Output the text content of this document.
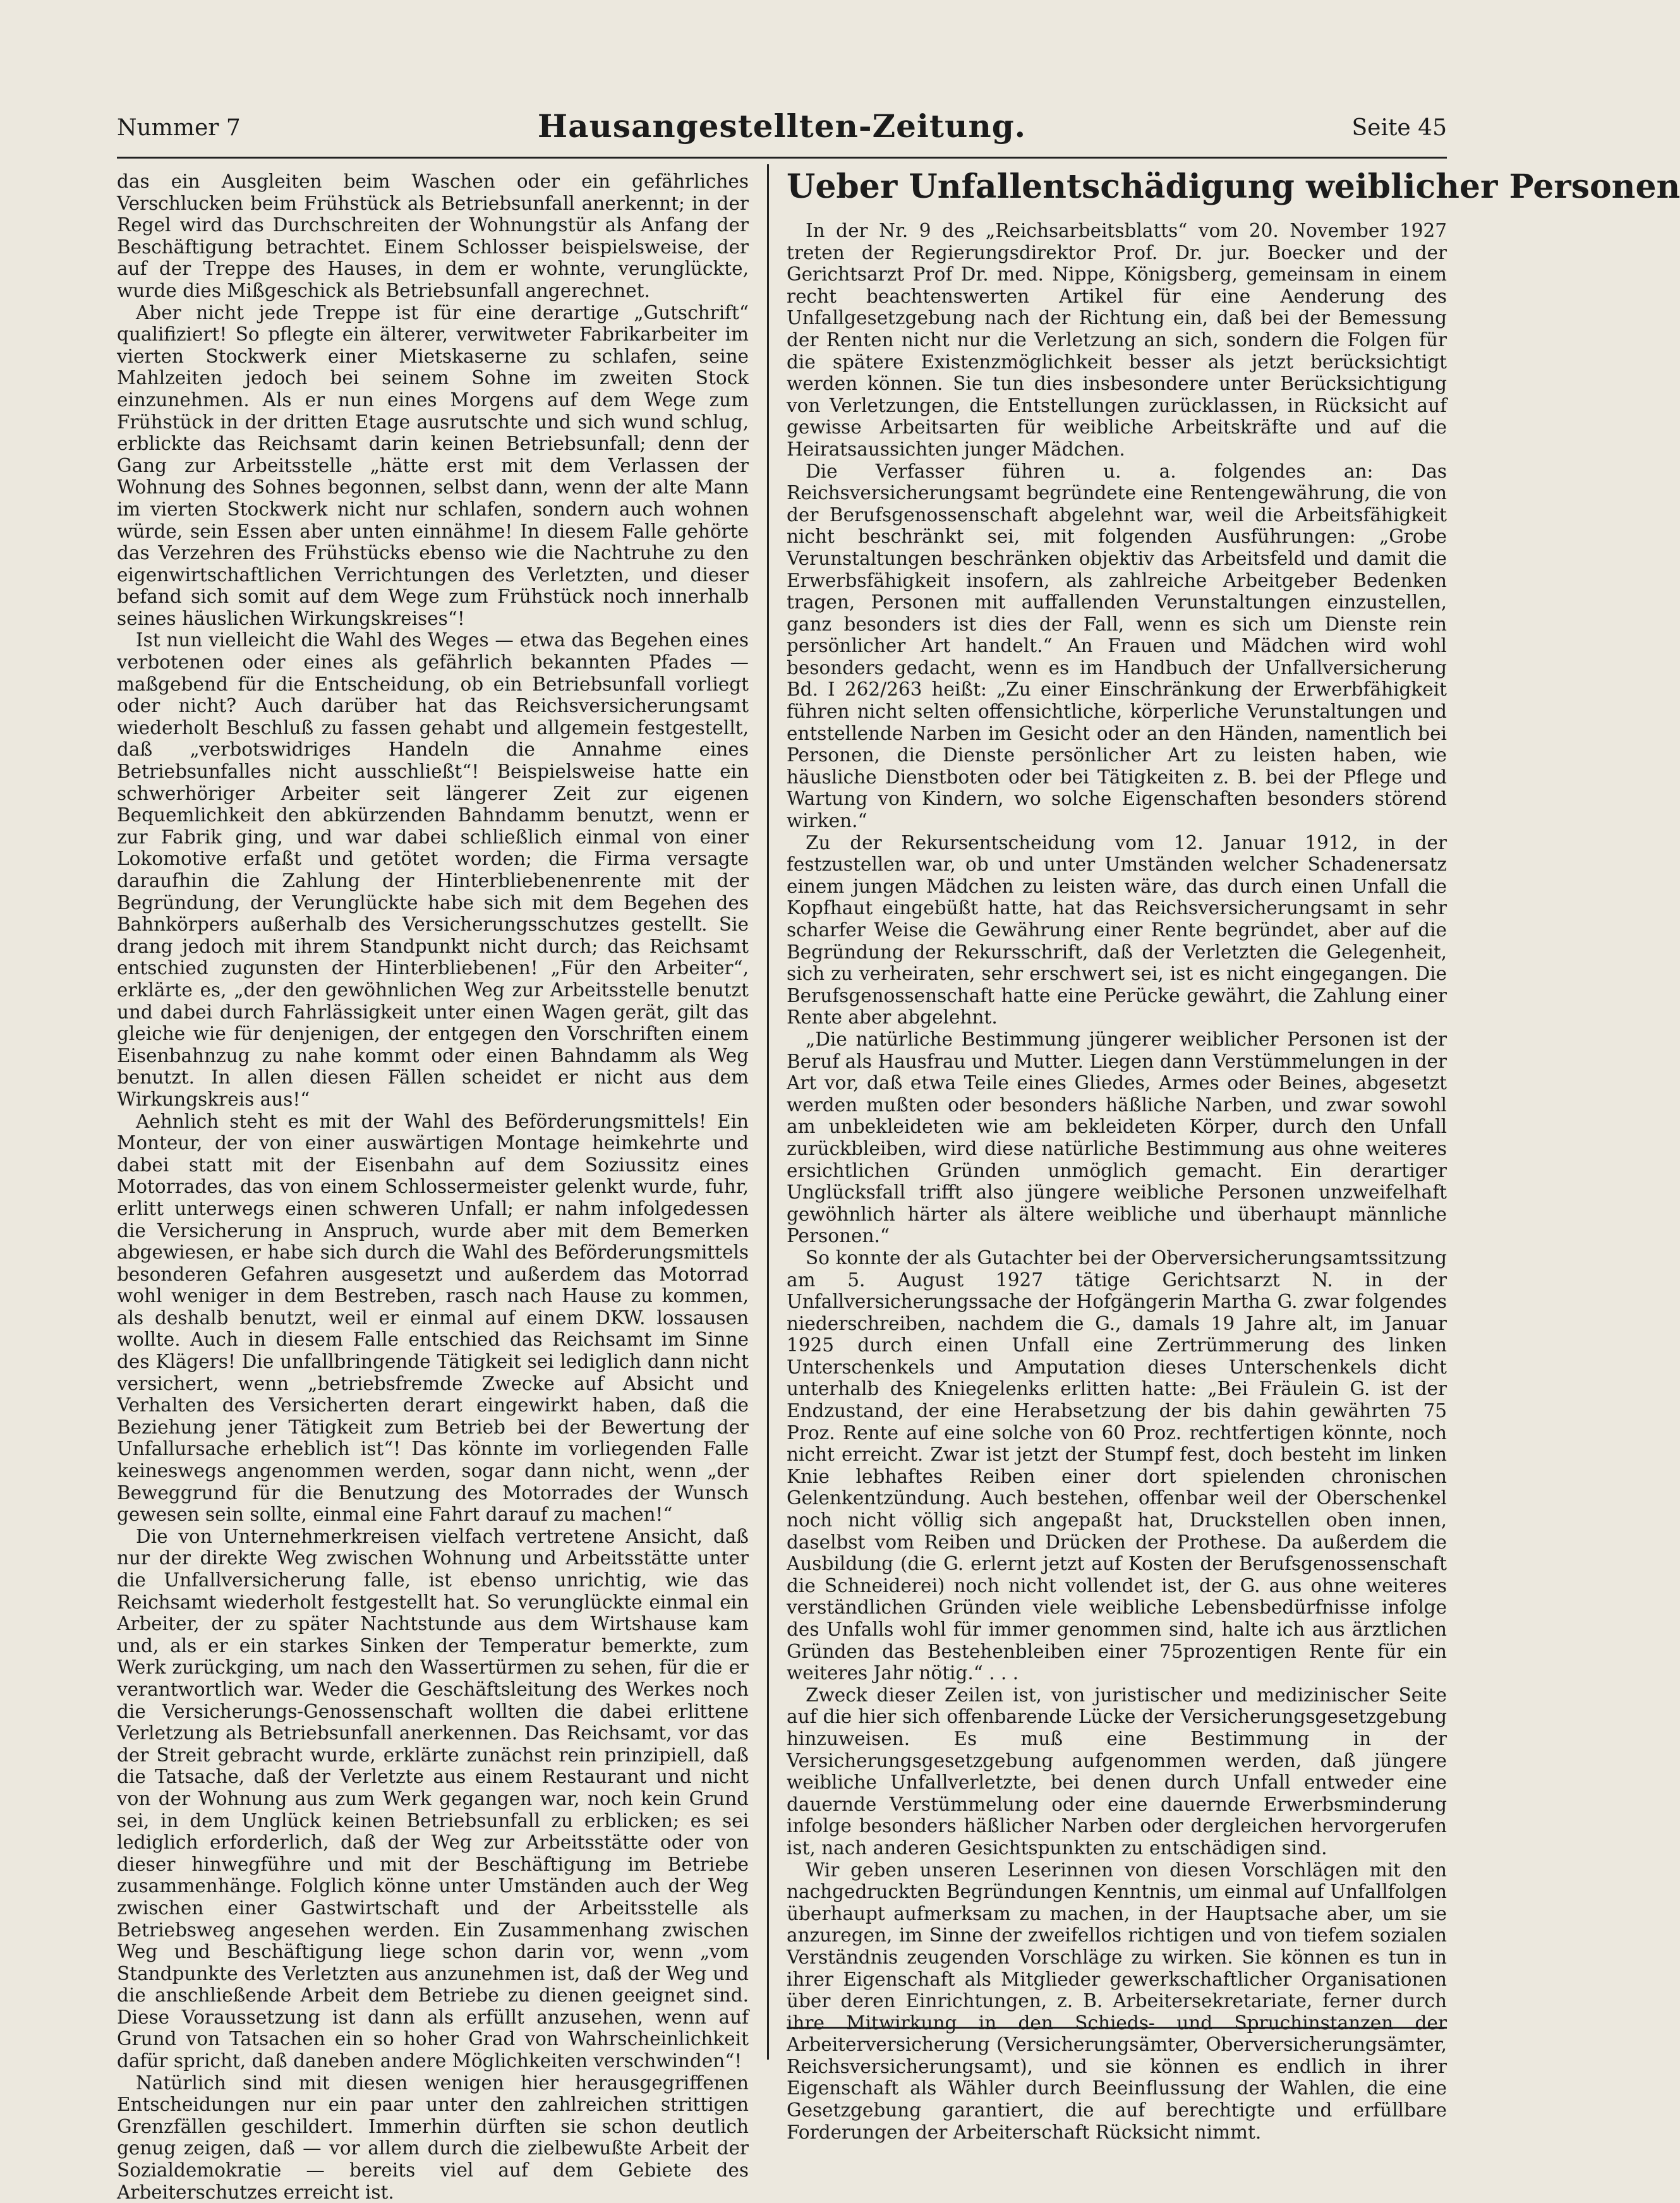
Nummer 7	Hausangestellten-Zeitung.	Seite 45

das ein Ausgleiten beim Waschen oder ein gefährliches Verschlucken beim Frühstück als Betriebsunfall anerkennt; in der Regel wird das Durchschreiten der Wohnungstür als Anfang der Beschäftigung betrachtet. Einem Schlosser beispielsweise, der auf der Treppe des Hauses, in dem er wohnte, verunglückte, wurde dies Mißgeschick als Betriebsunfall angerechnet.

Aber nicht jede Treppe ist für eine derartige „Gutschrift“ qualifiziert! So pflegte ein älterer, verwitweter Fabrikarbeiter im vierten Stockwerk einer Mietskaserne zu schlafen, seine Mahlzeiten jedoch bei seinem Sohne im zweiten Stock einzunehmen. Als er nun eines Morgens auf dem Wege zum Frühstück in der dritten Etage ausrutschte und sich wund schlug, erblickte das Reichsamt darin keinen Betriebsunfall; denn der Gang zur Arbeitsstelle „hätte erst mit dem Verlassen der Wohnung des Sohnes begonnen, selbst dann, wenn der alte Mann im vierten Stockwerk nicht nur schlafen, sondern auch wohnen würde, sein Essen aber unten einnähme! In diesem Falle gehörte das Verzehren des Frühstücks ebenso wie die Nachtruhe zu den eigenwirtschaftlichen Verrichtungen des Verletzten, und dieser befand sich somit auf dem Wege zum Frühstück noch innerhalb seines häuslichen Wirkungskreises“!

Ist nun vielleicht die Wahl des Weges — etwa das Begehen eines verbotenen oder eines als gefährlich bekannten Pfades — maßgebend für die Entscheidung, ob ein Betriebsunfall vorliegt oder nicht? Auch darüber hat das Reichsversicherungsamt wiederholt Beschluß zu fassen gehabt und allgemein festgestellt, daß „verbotswidriges Handeln die Annahme eines Betriebsunfalles nicht ausschließt“! Beispielsweise hatte ein schwerhöriger Arbeiter seit längerer Zeit zur eigenen Bequemlichkeit den abkürzenden Bahndamm benutzt, wenn er zur Fabrik ging, und war dabei schließlich einmal von einer Lokomotive erfaßt und getötet worden; die Firma versagte daraufhin die Zahlung der Hinterbliebenenrente mit der Begründung, der Verunglückte habe sich mit dem Begehen des Bahnkörpers außerhalb des Versicherungsschutzes gestellt. Sie drang jedoch mit ihrem Standpunkt nicht durch; das Reichsamt entschied zugunsten der Hinterbliebenen! „Für den Arbeiter“, erklärte es, „der den gewöhnlichen Weg zur Arbeitsstelle benutzt und dabei durch Fahrlässigkeit unter einen Wagen gerät, gilt das gleiche wie für denjenigen, der entgegen den Vorschriften einem Eisenbahnzug zu nahe kommt oder einen Bahndamm als Weg benutzt. In allen diesen Fällen scheidet er nicht aus dem Wirkungskreis aus!“

Aehnlich steht es mit der Wahl des Beförderungsmittels! Ein Monteur, der von einer auswärtigen Montage heimkehrte und dabei statt mit der Eisenbahn auf dem Soziussitz eines Motorrades, das von einem Schlossermeister gelenkt wurde, fuhr, erlitt unterwegs einen schweren Unfall; er nahm infolgedessen die Versicherung in Anspruch, wurde aber mit dem Bemerken abgewiesen, er habe sich durch die Wahl des Beförderungsmittels besonderen Gefahren ausgesetzt und außerdem das Motorrad wohl weniger in dem Bestreben, rasch nach Hause zu kommen, als deshalb benutzt, weil er einmal auf einem DKW. lossausen wollte. Auch in diesem Falle entschied das Reichsamt im Sinne des Klägers! Die unfallbringende Tätigkeit sei lediglich dann nicht versichert, wenn „betriebsfremde Zwecke auf Absicht und Verhalten des Versicherten derart eingewirkt haben, daß die Beziehung jener Tätigkeit zum Betrieb bei der Bewertung der Unfallursache erheblich ist“! Das könnte im vorliegenden Falle keineswegs angenommen werden, sogar dann nicht, wenn „der Beweggrund für die Benutzung des Motorrades der Wunsch gewesen sein sollte, einmal eine Fahrt darauf zu machen!“

Die von Unternehmerkreisen vielfach vertretene Ansicht, daß nur der direkte Weg zwischen Wohnung und Arbeitsstätte unter die Unfallversicherung falle, ist ebenso unrichtig, wie das Reichsamt wiederholt festgestellt hat. So verunglückte einmal ein Arbeiter, der zu später Nachtstunde aus dem Wirtshause kam und, als er ein starkes Sinken der Temperatur bemerkte, zum Werk zurückging, um nach den Wassertürmen zu sehen, für die er verantwortlich war. Weder die Geschäftsleitung des Werkes noch die Versicherungs-Genossenschaft wollten die dabei erlittene Verletzung als Betriebsunfall anerkennen. Das Reichsamt, vor das der Streit gebracht wurde, erklärte zunächst rein prinzipiell, daß die Tatsache, daß der Verletzte aus einem Restaurant und nicht von der Wohnung aus zum Werk gegangen war, noch kein Grund sei, in dem Unglück keinen Betriebsunfall zu erblicken; es sei lediglich erforderlich, daß der Weg zur Arbeitsstätte oder von dieser hinwegführe und mit der Beschäftigung im Betriebe zusammenhänge. Folglich könne unter Umständen auch der Weg zwischen einer Gastwirtschaft und der Arbeitsstelle als Betriebsweg angesehen werden. Ein Zusammenhang zwischen Weg und Beschäftigung liege schon darin vor, wenn „vom Standpunkte des Verletzten aus anzunehmen ist, daß der Weg und die anschließende Arbeit dem Betriebe zu dienen geeignet sind. Diese Voraussetzung ist dann als erfüllt anzusehen, wenn auf Grund von Tatsachen ein so hoher Grad von Wahrscheinlichkeit dafür spricht, daß daneben andere Möglichkeiten verschwinden“!

Natürlich sind mit diesen wenigen hier herausgegriffenen Entscheidungen nur ein paar unter den zahlreichen strittigen Grenzfällen geschildert. Immerhin dürften sie schon deutlich genug zeigen, daß — vor allem durch die zielbewußte Arbeit der Sozialdemokratie — bereits viel auf dem Gebiete des Arbeiterschutzes erreicht ist.

Ueber Unfallentschädigung weiblicher Personen

In der Nr. 9 des „Reichsarbeitsblatts“ vom 20. November 1927 treten der Regierungsdirektor Prof. Dr. jur. Boecker und der Gerichtsarzt Prof Dr. med. Nippe, Königsberg, gemeinsam in einem recht beachtenswerten Artikel für eine Aenderung des Unfallgesetzgebung nach der Richtung ein, daß bei der Bemessung der Renten nicht nur die Verletzung an sich, sondern die Folgen für die spätere Existenzmöglichkeit besser als jetzt berücksichtigt werden können. Sie tun dies insbesondere unter Berücksichtigung von Verletzungen, die Entstellungen zurücklassen, in Rücksicht auf gewisse Arbeitsarten für weibliche Arbeitskräfte und auf die Heiratsaussichten junger Mädchen.

Die Verfasser führen u. a. folgendes an: Das Reichsversicherungsamt begründete eine Rentengewährung, die von der Berufsgenossenschaft abgelehnt war, weil die Arbeitsfähigkeit nicht beschränkt sei, mit folgenden Ausführungen: „Grobe Verunstaltungen beschränken objektiv das Arbeitsfeld und damit die Erwerbsfähigkeit insofern, als zahlreiche Arbeitgeber Bedenken tragen, Personen mit auffallenden Verunstaltungen einzustellen, ganz besonders ist dies der Fall, wenn es sich um Dienste rein persönlicher Art handelt.“ An Frauen und Mädchen wird wohl besonders gedacht, wenn es im Handbuch der Unfallversicherung Bd. I 262/263 heißt: „Zu einer Einschränkung der Erwerbfähigkeit führen nicht selten offensichtliche, körperliche Verunstaltungen und entstellende Narben im Gesicht oder an den Händen, namentlich bei Personen, die Dienste persönlicher Art zu leisten haben, wie häusliche Dienstboten oder bei Tätigkeiten z. B. bei der Pflege und Wartung von Kindern, wo solche Eigenschaften besonders störend wirken.“

Zu der Rekursentscheidung vom 12. Januar 1912, in der festzustellen war, ob und unter Umständen welcher Schadenersatz einem jungen Mädchen zu leisten wäre, das durch einen Unfall die Kopfhaut eingebüßt hatte, hat das Reichsversicherungsamt in sehr scharfer Weise die Gewährung einer Rente begründet, aber auf die Begründung der Rekursschrift, daß der Verletzten die Gelegenheit, sich zu verheiraten, sehr erschwert sei, ist es nicht eingegangen. Die Berufsgenossenschaft hatte eine Perücke gewährt, die Zahlung einer Rente aber abgelehnt.

„Die natürliche Bestimmung jüngerer weiblicher Personen ist der Beruf als Hausfrau und Mutter. Liegen dann Verstümmelungen in der Art vor, daß etwa Teile eines Gliedes, Armes oder Beines, abgesetzt werden mußten oder besonders häßliche Narben, und zwar sowohl am unbekleideten wie am bekleideten Körper, durch den Unfall zurückbleiben, wird diese natürliche Bestimmung aus ohne weiteres ersichtlichen Gründen unmöglich gemacht. Ein derartiger Unglücksfall trifft also jüngere weibliche Personen unzweifelhaft gewöhnlich härter als ältere weibliche und überhaupt männliche Personen.“

So konnte der als Gutachter bei der Oberversicherungsamtssitzung am 5. August 1927 tätige Gerichtsarzt N. in der Unfallversicherungssache der Hofgängerin Martha G. zwar folgendes niederschreiben, nachdem die G., damals 19 Jahre alt, im Januar 1925 durch einen Unfall eine Zertrümmerung des linken Unterschenkels und Amputation dieses Unterschenkels dicht unterhalb des Kniegelenks erlitten hatte: „Bei Fräulein G. ist der Endzustand, der eine Herabsetzung der bis dahin gewährten 75 Proz. Rente auf eine solche von 60 Proz. rechtfertigen könnte, noch nicht erreicht. Zwar ist jetzt der Stumpf fest, doch besteht im linken Knie lebhaftes Reiben einer dort spielenden chronischen Gelenkentzündung. Auch bestehen, offenbar weil der Oberschenkel noch nicht völlig sich angepaßt hat, Druckstellen oben innen, daselbst vom Reiben und Drücken der Prothese. Da außerdem die Ausbildung (die G. erlernt jetzt auf Kosten der Berufsgenossenschaft die Schneiderei) noch nicht vollendet ist, der G. aus ohne weiteres verständlichen Gründen viele weibliche Lebensbedürfnisse infolge des Unfalls wohl für immer genommen sind, halte ich aus ärztlichen Gründen das Bestehenbleiben einer 75prozentigen Rente für ein weiteres Jahr nötig.“ . . .

Zweck dieser Zeilen ist, von juristischer und medizinischer Seite auf die hier sich offenbarende Lücke der Versicherungsgesetzgebung hinzuweisen. Es muß eine Bestimmung in der Versicherungsgesetzgebung aufgenommen werden, daß jüngere weibliche Unfallverletzte, bei denen durch Unfall entweder eine dauernde Verstümmelung oder eine dauernde Erwerbsminderung infolge besonders häßlicher Narben oder dergleichen hervorgerufen ist, nach anderen Gesichtspunkten zu entschädigen sind.

Wir geben unseren Leserinnen von diesen Vorschlägen mit den nachgedruckten Begründungen Kenntnis, um einmal auf Unfallfolgen überhaupt aufmerksam zu machen, in der Hauptsache aber, um sie anzuregen, im Sinne der zweifellos richtigen und von tiefem sozialen Verständnis zeugenden Vorschläge zu wirken. Sie können es tun in ihrer Eigenschaft als Mitglieder gewerkschaftlicher Organisationen über deren Einrichtungen, z. B. Arbeitersekretariate, ferner durch ihre Mitwirkung in den Schieds- und Spruchinstanzen der Arbeiterversicherung (Versicherungsämter, Oberversicherungsämter, Reichsversicherungsamt), und sie können es endlich in ihrer Eigenschaft als Wähler durch Beeinflussung der Wahlen, die eine Gesetzgebung garantiert, die auf berechtigte und erfüllbare Forderungen der Arbeiterschaft Rücksicht nimmt.
